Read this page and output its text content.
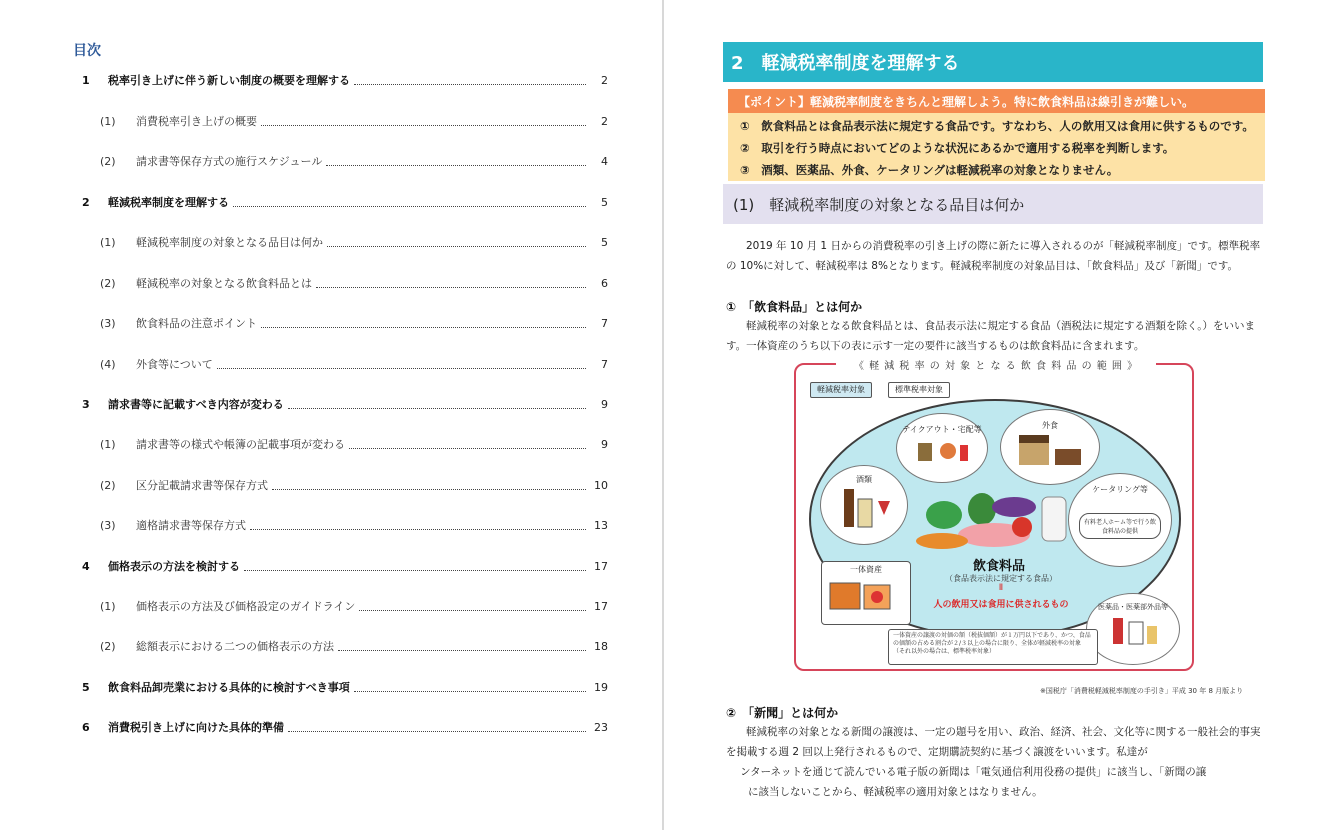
目次
1	税率引き上げに伴う新しい制度の概要を理解する	2
(1)	消費税率引き上げの概要	2
(2)	請求書等保存方式の施行スケジュール	4
2	軽減税率制度を理解する	5
(1)	軽減税率制度の対象となる品目は何か	5
(2)	軽減税率の対象となる飲食料品とは	6
(3)	飲食料品の注意ポイント	7
(4)	外食等について	7
3	請求書等に記載すべき内容が変わる	9
(1)	請求書等の様式や帳簿の記載事項が変わる	9
(2)	区分記載請求書等保存方式	10
(3)	適格請求書等保存方式	13
4	価格表示の方法を検討する	17
(1)	価格表示の方法及び価格設定のガイドライン	17
(2)	総額表示における二つの価格表示の方法	18
5	飲食料品卸売業における具体的に検討すべき事項	19
6	消費税引き上げに向けた具体的準備	23
2　軽減税率制度を理解する
【ポイント】軽減税率制度をきちんと理解しよう。特に飲食料品は線引きが難しい。
①　飲食料品とは食品表示法に規定する食品です。すなわち、人の飲用又は食用に供するものです。
②　取引を行う時点においてどのような状況にあるかで適用する税率を判断します。
③　酒類、医薬品、外食、ケータリングは軽減税率の対象となりません。
(1)　軽減税率制度の対象となる品目は何か
2019 年 10 月 1 日からの消費税率の引き上げの際に新たに導入されるのが「軽減税率制度」です。標準税率の 10%に対して、軽減税率は 8%となります。軽減税率制度の対象品目は、「飲食料品」及び「新聞」です。
①　「飲食料品」とは何か
軽減税率の対象となる飲食料品とは、食品表示法に規定する食品（酒税法に規定する酒類を除く。）をいいます。一体資産のうち以下の表に示す一定の要件に該当するものは飲食料品に含まれます。
《 軽 減 税 率 の 対 象 と な る 飲 食 料 品 の 範 囲 》
軽減税率対象	標準税率対象
テイクアウト・宅配等	外食
酒類
ケータリング等
有料老人ホーム等で行う飲食料品の提供
飲食料品
（食品表示法に規定する食品）
Ⅱ
人の飲用又は食用に供されるもの
一体資産
医薬品・医薬部外品等
一体資産の譲渡の対価の額（税抜価額）が１万円以下であり、かつ、食品の価額の占める割合が２/３以上の場合に限り、全体が軽減税率の対象（それ以外の場合は、標準税率対象）
※国税庁「消費税軽減税率制度の手引き」平成 30 年 8 月版より
②　「新聞」とは何か
軽減税率の対象となる新聞の譲渡は、一定の題号を用い、政治、経済、社会、文化等に関する一般社会的事実を掲載する週 2 回以上発行されるもので、定期購読契約に基づく譲渡をいいます。私達が
ンターネットを通じて読んでいる電子版の新聞は「電気通信利用役務の提供」に該当し、「新聞の譲
に該当しないことから、軽減税率の適用対象とはなりません。
